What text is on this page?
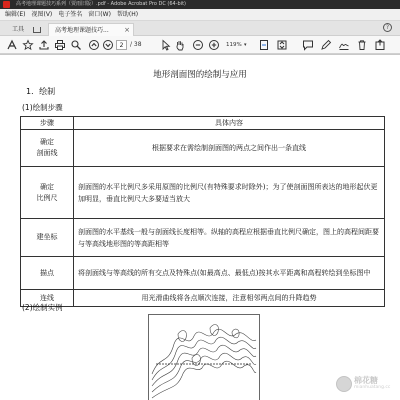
高考地理课题技巧系列（贾雨旧版）.pdf - Adobe Acrobat Pro DC (64-bit)
编辑(E)	视图(V)	电子签名	窗口(W)	帮助(H)
工具	高考地理课题技巧... ×	?
2	/ 38	119% ▾
地形剖面图的绘制与应用
1．绘制
(1)绘制步骤
步骤	具体内容
确定
剖面线	根据要求在需绘制剖面图的两点之间作出一条直线
确定
比例尺	剖面图的水平比例尺多采用原图的比例尺(有特殊要求时除外)；为了使剖面图所表达的地形起伏更加明显，垂直比例尺大多要适当放大
建坐标	剖面图的水平基线一般与剖面线长度相等。纵轴的高程应根据垂直比例尺确定，图上的高程间距要与等高线地形图的等高距相等
描点	将剖面线与等高线的所有交点及特殊点(如最高点、最低点)按其水平距离和高程转绘到坐标图中
连线	用光滑曲线将各点顺次连接，注意相邻两点间的升降趋势
(2)绘制实例
棉花糖
mianhuatang.cc
